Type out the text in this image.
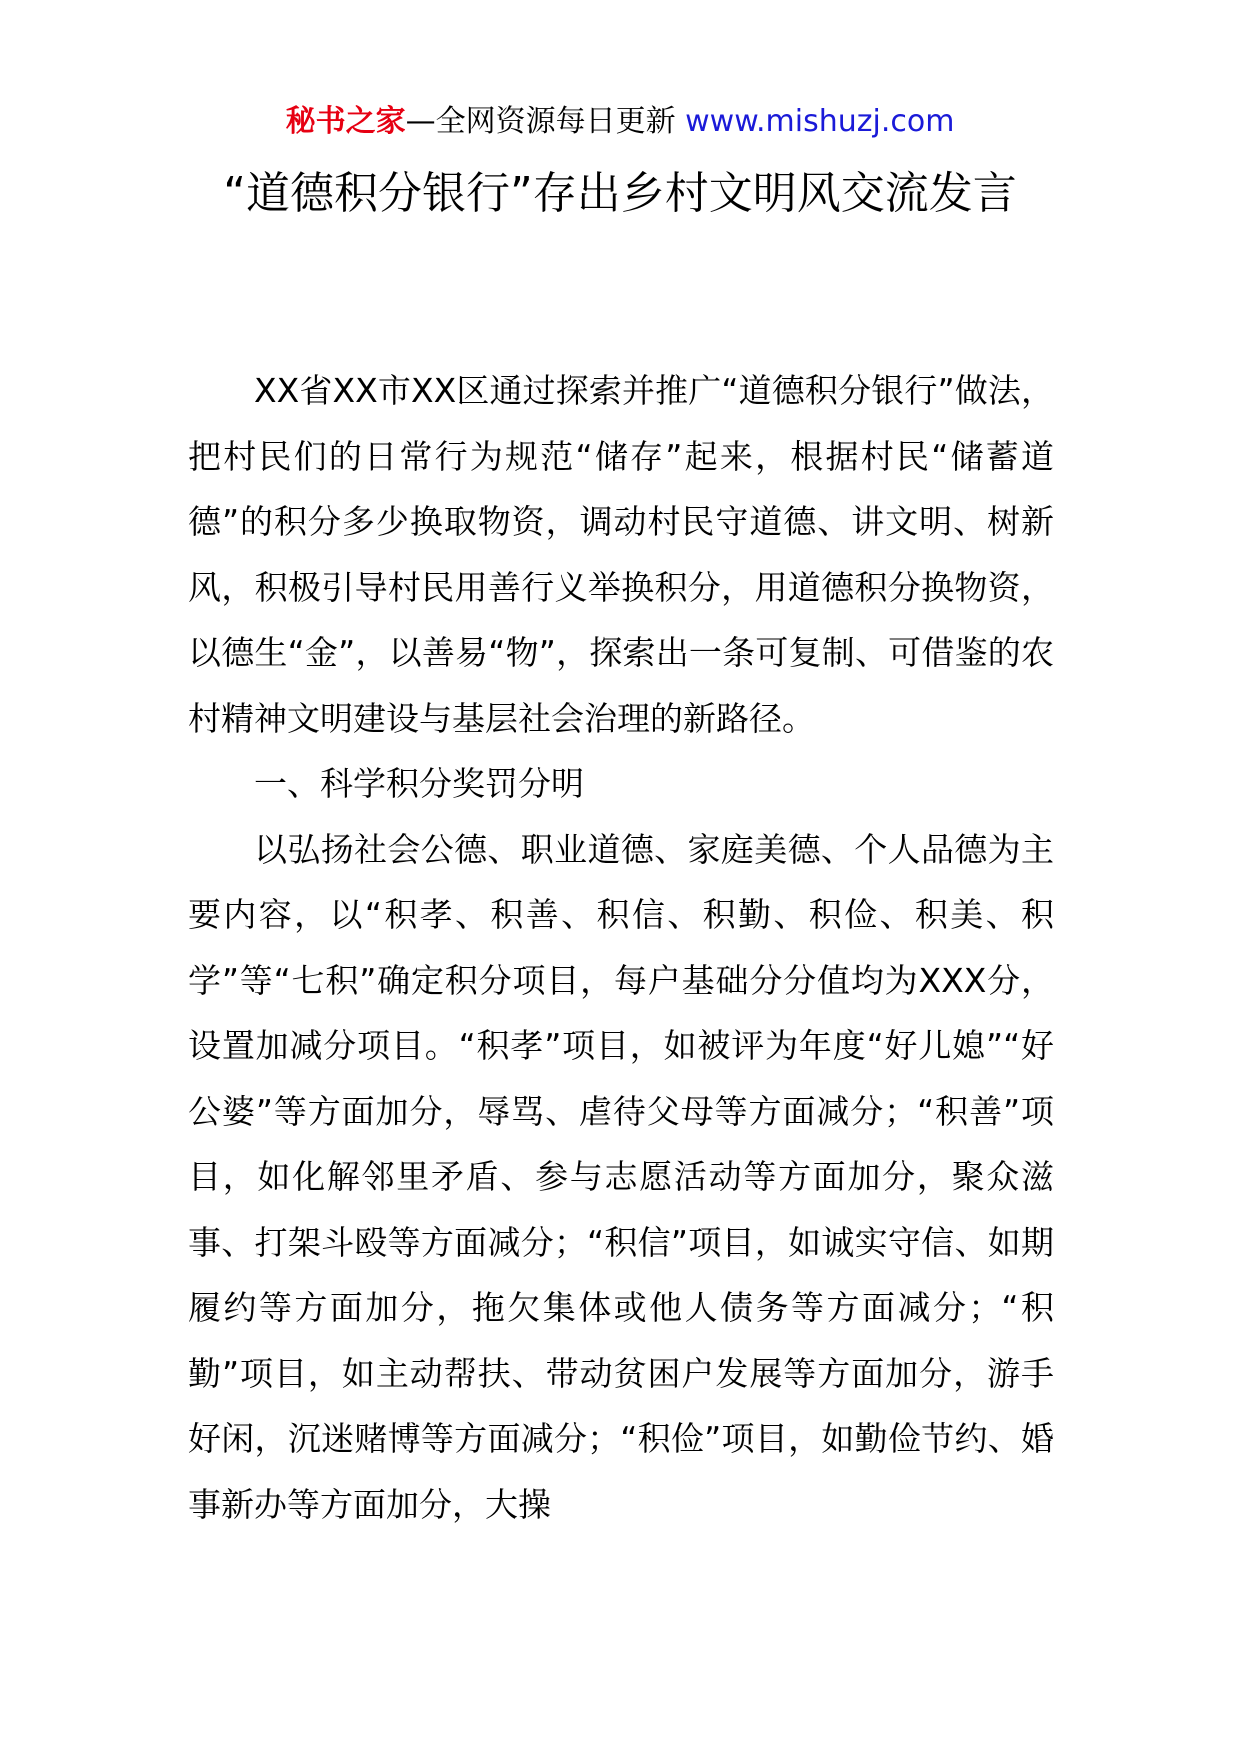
秘书之家—全网资源每日更新 www.mishuzj.com
“道德积分银行”存出乡村文明风交流发言

XX省XX市XX区通过探索并推广“道德积分银行”做法，把村民们的日常行为规范“储存”起来，根据村民“储蓄道德”的积分多少换取物资，调动村民守道德、讲文明、树新风，积极引导村民用善行义举换积分，用道德积分换物资，以德生“金”，以善易“物”，探索出一条可复制、可借鉴的农村精神文明建设与基层社会治理的新路径。

一、科学积分奖罚分明

以弘扬社会公德、职业道德、家庭美德、个人品德为主要内容，以“积孝、积善、积信、积勤、积俭、积美、积学”等“七积”确定积分项目，每户基础分分值均为XXX分，设置加减分项目。“积孝”项目，如被评为年度“好儿媳”“好公婆”等方面加分，辱骂、虐待父母等方面减分；“积善”项目，如化解邻里矛盾、参与志愿活动等方面加分，聚众滋事、打架斗殴等方面减分；“积信”项目，如诚实守信、如期履约等方面加分，拖欠集体或他人债务等方面减分；“积勤”项目，如主动帮扶、带动贫困户发展等方面加分，游手好闲，沉迷赌博等方面减分；“积俭”项目，如勤俭节约、婚事新办等方面加分，大操
